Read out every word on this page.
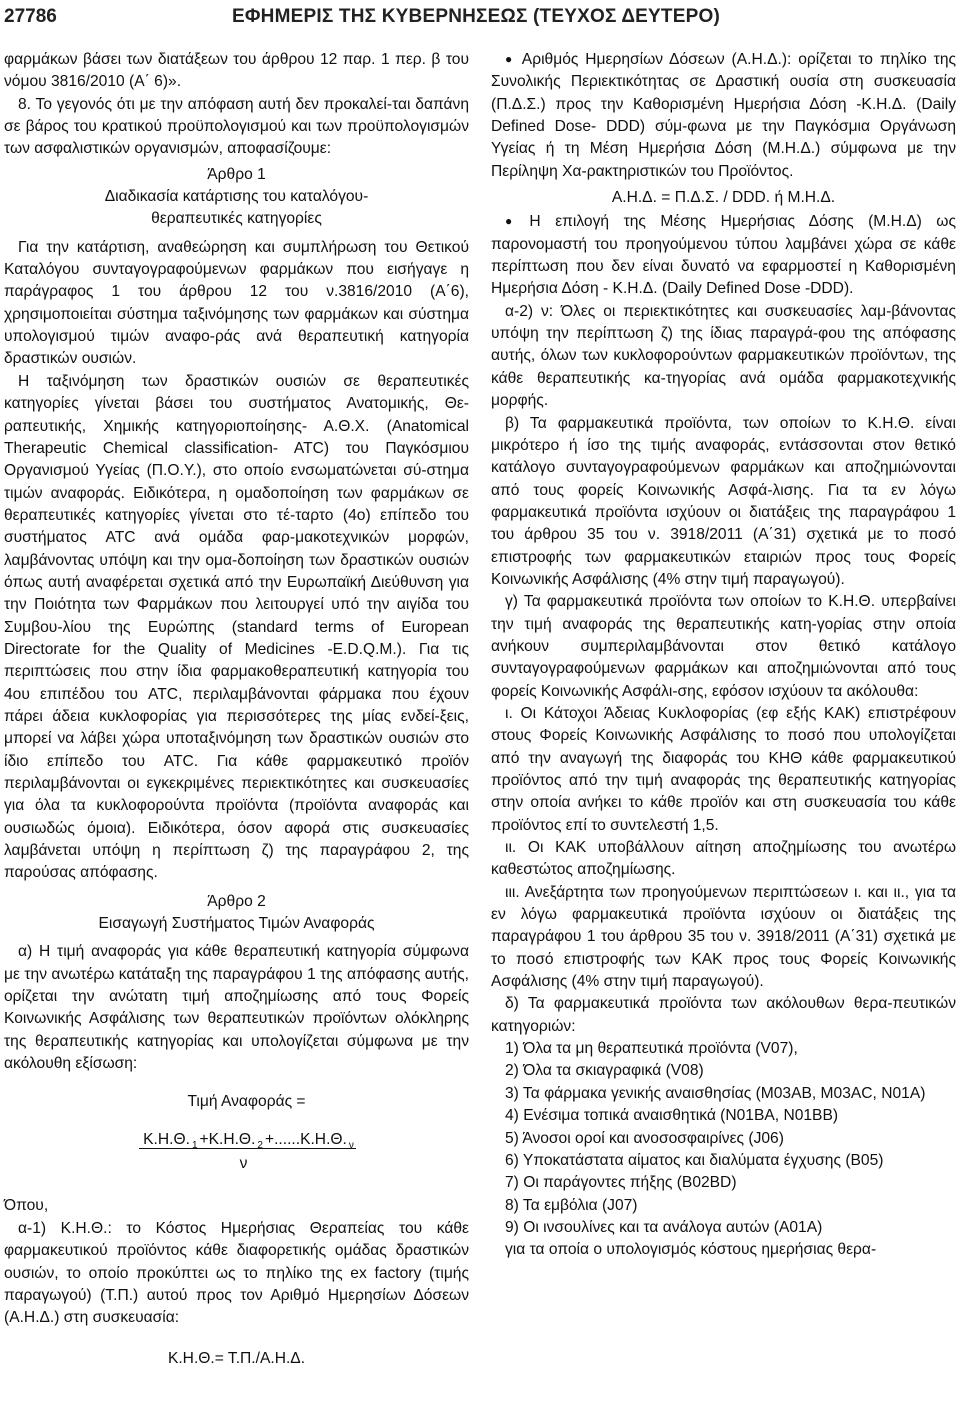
27786	ΕΦΗΜΕΡΙΣ ΤΗΣ ΚΥΒΕΡΝΗΣΕΩΣ (ΤΕΥΧΟΣ ΔΕΥΤΕΡΟ)

φαρμάκων βάσει των διατάξεων του άρθρου 12 παρ. 1 περ. β του νόμου 3816/2010 (Α΄ 6)».

8. Το γεγονός ότι με την απόφαση αυτή δεν προκαλεί-ται δαπάνη σε βάρος του κρατικού προϋπολογισμού και των προϋπολογισμών των ασφαλιστικών οργανισμών, αποφασίζουμε:

Άρθρο 1

Διαδικασία κατάρτισης του καταλόγου-

θεραπευτικές κατηγορίες

Για την κατάρτιση, αναθεώρηση και συμπλήρωση του Θετικού Καταλόγου συνταγογραφούμενων φαρμάκων που εισήγαγε η παράγραφος 1 του άρθρου 12 του ν.3816/2010 (Α΄6), χρησιμοποιείται σύστημα ταξινόμησης των φαρμάκων και σύστημα υπολογισμού τιμών αναφο-ράς ανά θεραπευτική κατηγορία δραστικών ουσιών.

Η ταξινόμηση των δραστικών ουσιών σε θεραπευτικές κατηγορίες γίνεται βάσει του συστήματος Ανατομικής, Θε-ραπευτικής, Χημικής κατηγοριοποίησης- Α.Θ.Χ. (Anatomical Therapeutic Chemical classification- ATC) του Παγκόσμιου Οργανισμού Υγείας (Π.Ο.Υ.), στο οποίο ενσωματώνεται σύ-στημα τιμών αναφοράς. Ειδικότερα, η ομαδοποίηση των φαρμάκων σε θεραπευτικές κατηγορίες γίνεται στο τέ-ταρτο (4ο) επίπεδο του συστήματος ATC ανά ομάδα φαρ-μακοτεχνικών μορφών, λαμβάνοντας υπόψη και την ομα-δοποίηση των δραστικών ουσιών όπως αυτή αναφέρεται σχετικά από την Ευρωπαϊκή Διεύθυνση για την Ποιότητα των Φαρμάκων που λειτουργεί υπό την αιγίδα του Συμβου-λίου της Ευρώπης (standard terms of European Directorate for the Quality of Medicines -E.D.Q.M.). Για τις περιπτώσεις που στην ίδια φαρμακοθεραπευτική κατηγορία του 4ου επιπέδου του ATC, περιλαμβάνονται φάρμακα που έχουν πάρει άδεια κυκλοφορίας για περισσότερες της μίας ενδεί-ξεις, μπορεί να λάβει χώρα υποταξινόμηση των δραστικών ουσιών στο ίδιο επίπεδο του ATC. Για κάθε φαρμακευτικό προϊόν περιλαμβάνονται οι εγκεκριμένες περιεκτικότητες και συσκευασίες για όλα τα κυκλοφορούντα προϊόντα (προϊόντα αναφοράς και ουσιωδώς όμοια). Ειδικότερα, όσον αφορά στις συσκευασίες λαμβάνεται υπόψη η περίπτωση ζ) της παραγράφου 2, της παρούσας απόφασης.

Άρθρο 2

Εισαγωγή Συστήματος Τιμών Αναφοράς

α) Η τιμή αναφοράς για κάθε θεραπευτική κατηγορία σύμφωνα με την ανωτέρω κατάταξη της παραγράφου 1 της απόφασης αυτής, ορίζεται την ανώτατη τιμή αποζημίωσης από τους Φορείς Κοινωνικής Ασφάλισης των θεραπευτικών προϊόντων ολόκληρης της θεραπευτικής κατηγορίας και υπολογίζεται σύμφωνα με την ακόλουθη εξίσωση:

Τιμή Αναφοράς =
Κ.Η.Θ. $_1$ +Κ.Η.Θ. $_2$ +......Κ.Η.Θ. $_\nu$
ν

Όπου,

α-1) Κ.Η.Θ.: το Κόστος Ημερήσιας Θεραπείας του κάθε φαρμακευτικού προϊόντος κάθε διαφορετικής ομάδας δραστικών ουσιών, το οποίο προκύπτει ως το πηλίκο της ex factory (τιμής παραγωγού) (Τ.Π.) αυτού προς τον Αριθμό Ημερησίων Δόσεων (Α.Η.Δ.) στη συσκευασία:

Κ.Η.Θ.= Τ.Π./Α.Η.Δ.

● Αριθμός Ημερησίων Δόσεων (Α.Η.Δ.): ορίζεται το πηλίκο της Συνολικής Περιεκτικότητας σε Δραστική ουσία στη συσκευασία (Π.Δ.Σ.) προς την Καθορισμένη Ημερήσια Δόση -Κ.Η.Δ. (Daily Defined Dose- DDD) σύμ-φωνα με την Παγκόσμια Οργάνωση Υγείας ή τη Μέση Ημερήσια Δόση (Μ.Η.Δ.) σύμφωνα με την Περίληψη Χα-ρακτηριστικών του Προϊόντος.

Α.Η.Δ. = Π.Δ.Σ. / DDD. ή Μ.Η.Δ.

● Η επιλογή της Μέσης Ημερήσιας Δόσης (Μ.Η.Δ) ως παρονομαστή του προηγούμενου τύπου λαμβάνει χώρα σε κάθε περίπτωση που δεν είναι δυνατό να εφαρμοστεί η Καθορισμένη Ημερήσια Δόση - Κ.Η.Δ. (Daily Defined Dose -DDD).

α-2) ν: Όλες οι περιεκτικότητες και συσκευασίες λαμ-βάνοντας υπόψη την περίπτωση ζ) της ίδιας παραγρά-φου της απόφασης αυτής, όλων των κυκλοφορούντων φαρμακευτικών προϊόντων, της κάθε θεραπευτικής κα-τηγορίας ανά ομάδα φαρμακοτεχνικής μορφής.

β) Τα φαρμακευτικά προϊόντα, των οποίων το Κ.Η.Θ. είναι μικρότερο ή ίσο της τιμής αναφοράς, εντάσσονται στον θετικό κατάλογο συνταγογραφούμενων φαρμάκων και αποζημιώνονται από τους φορείς Κοινωνικής Ασφά-λισης. Για τα εν λόγω φαρμακευτικά προϊόντα ισχύουν οι διατάξεις της παραγράφου 1 του άρθρου 35 του ν. 3918/2011 (Α΄31) σχετικά με το ποσό επιστροφής των φαρμακευτικών εταιριών προς τους Φορείς Κοινωνικής Ασφάλισης (4% στην τιμή παραγωγού).

γ) Τα φαρμακευτικά προϊόντα των οποίων το Κ.Η.Θ. υπερβαίνει την τιμή αναφοράς της θεραπευτικής κατη-γορίας στην οποία ανήκουν συμπεριλαμβάνονται στον θετικό κατάλογο συνταγογραφούμενων φαρμάκων και αποζημιώνονται από τους φορείς Κοινωνικής Ασφάλι-σης, εφόσον ισχύουν τα ακόλουθα:

ι. Οι Κάτοχοι Άδειας Κυκλοφορίας (εφ εξής ΚΑΚ) επιστρέφουν στους Φορείς Κοινωνικής Ασφάλισης το ποσό που υπολογίζεται από την αναγωγή της διαφοράς του ΚΗΘ κάθε φαρμακευτικού προϊόντος από την τιμή αναφοράς της θεραπευτικής κατηγορίας στην οποία ανήκει το κάθε προϊόν και στη συσκευασία του κάθε προϊόντος επί το συντελεστή 1,5.

ιι. Οι ΚΑΚ υποβάλλουν αίτηση αποζημίωσης του ανωτέρω καθεστώτος αποζημίωσης.

ιιι. Ανεξάρτητα των προηγούμενων περιπτώσεων ι. και ιι., για τα εν λόγω φαρμακευτικά προϊόντα ισχύουν οι διατάξεις της παραγράφου 1 του άρθρου 35 του ν. 3918/2011 (Α΄31) σχετικά με το ποσό επιστροφής των ΚΑΚ προς τους Φορείς Κοινωνικής Ασφάλισης (4% στην τιμή παραγωγού).

δ) Τα φαρμακευτικά προϊόντα των ακόλουθων θερα-πευτικών κατηγοριών:

1) Όλα τα μη θεραπευτικά προϊόντα (V07),

2) Όλα τα σκιαγραφικά (V08)

3) Τα φάρμακα γενικής αναισθησίας (M03AB, M03AC, N01A)

4) Ενέσιμα τοπικά αναισθητικά (N01BA, N01BB)

5) Άνοσοι οροί και ανοσοσφαιρίνες (J06)

6) Υποκατάστατα αίματος και διαλύματα έγχυσης (B05)

7) Οι παράγοντες πήξης (B02BD)

8) Τα εμβόλια (J07)

9) Οι ινσουλίνες και τα ανάλογα αυτών (A01A)

για τα οποία ο υπολογισμός κόστους ημερήσιας θερα-
